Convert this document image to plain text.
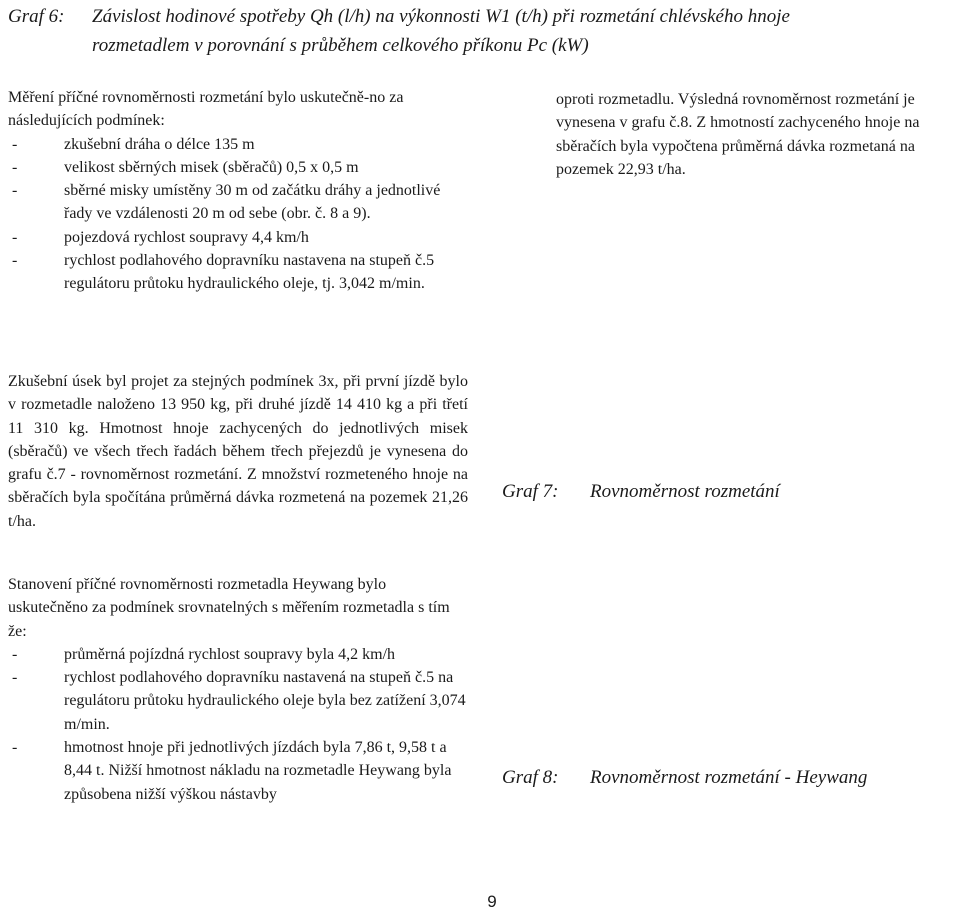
Graf 6: Závislost hodinové spotřeby Qh (l/h) na výkonnosti W1 (t/h) při rozmetání chlévského hnoje
rozmetadlem v porovnání s průběhem celkového příkonu Pc (kW)

Měření příčné rovnoměrnosti rozmetání bylo uskutečně-no za následujících podmínek:

- zkušební dráha o délce 135 m
- velikost sběrných misek (sběračů) 0,5 x 0,5 m
- sběrné misky umístěny 30 m od začátku dráhy a jednotlivé řady ve vzdálenosti 20 m od sebe (obr. č. 8 a 9).
- pojezdová rychlost soupravy 4,4 km/h
- rychlost podlahového dopravníku nastavena na stupeň č.5 regulátoru průtoku hydraulického oleje, tj. 3,042 m/min.

Zkušební úsek byl projet za stejných podmínek 3x, při první jízdě bylo v rozmetadle naloženo 13 950 kg, při druhé jízdě 14 410 kg a při třetí 11 310 kg. Hmotnost hnoje zachycených do jednotlivých misek (sběračů) ve všech třech řadách během třech přejezdů je vynesena do grafu č.7 - rovnoměrnost rozmetání. Z množství rozmeteného hnoje na sběračích byla spočítána průměrná dávka rozmetená na pozemek 21,26 t/ha.

Stanovení příčné rovnoměrnosti rozmetadla Heywang bylo uskutečněno za podmínek srovnatelných s měřením rozmetadla s tím že:

- průměrná pojízdná rychlost soupravy byla 4,2 km/h
- rychlost podlahového dopravníku nastavená na stupeň č.5 na regulátoru průtoku hydraulického oleje byla bez zatížení 3,074 m/min.
- hmotnost hnoje při jednotlivých jízdách byla 7,86 t, 9,58 t a 8,44 t. Nižší hmotnost nákladu na rozmetadle Heywang byla způsobena nižší výškou nástavby

oproti rozmetadlu. Výsledná rovnoměrnost rozmetání je vynesena v grafu č.8. Z hmotností zachyceného hnoje na sběračích byla vypočtena průměrná dávka rozmetaná na pozemek 22,93 t/ha.

Graf 7: Rovnoměrnost rozmetání
Graf 8: Rovnoměrnost rozmetání - Heywang
9
